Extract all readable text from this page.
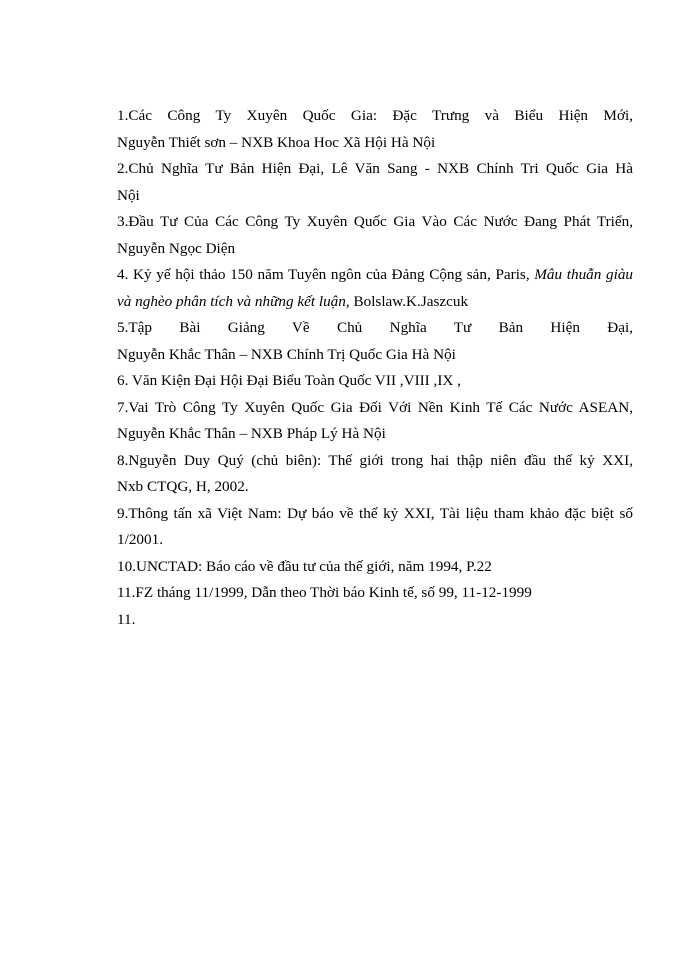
1.Các Công Ty Xuyên Quốc Gia: Đặc Trưng và Biểu Hiện Mới,
Nguyễn Thiết sơn – NXB Khoa Hoc Xã Hội Hà Nội
2.Chủ Nghĩa Tư Bản Hiện Đại, Lê Văn Sang - NXB Chính Tri Quốc Gia Hà
Nội
3.Đầu Tư Của Các Công Ty Xuyên Quốc Gia Vào Các Nước Đang Phát Triển,
Nguyễn Ngọc Diện
4. Kỷ yế hội thảo 150 năm Tuyên ngôn của Đảng Cộng sản, Paris, Mâu thuẫn giàu và nghèo phân tích và những kết luận, Bolslaw.K.Jaszcuk
5.Tập Bài Giảng Về Chủ Nghĩa Tư Bản Hiện Đại,
Nguyễn Khắc Thân – NXB Chính Trị Quốc Gia Hà Nội
6. Văn Kiện Đại Hội Đại Biểu Toàn Quốc VII ,VIII ,IX ,
7.Vai Trò Công Ty Xuyên Quốc Gia Đối Với Nền Kinh Tế Các Nước ASEAN,
Nguyễn Khắc Thân – NXB Pháp Lý Hà Nội
8.Nguyễn Duy Quý (chủ biên): Thế giới trong hai thập niên đầu thế kỷ XXI,
Nxb CTQG, H, 2002.
9.Thông tấn xã Việt Nam: Dự báo về thế kỷ XXI, Tài liệu tham khảo đặc biệt số
1/2001.
10.UNCTAD: Báo cáo về đầu tư của thế giới, năm 1994, P.22
11.FZ tháng 11/1999, Dẫn theo Thời báo Kinh tế, số 99, 11-12-1999
11.
